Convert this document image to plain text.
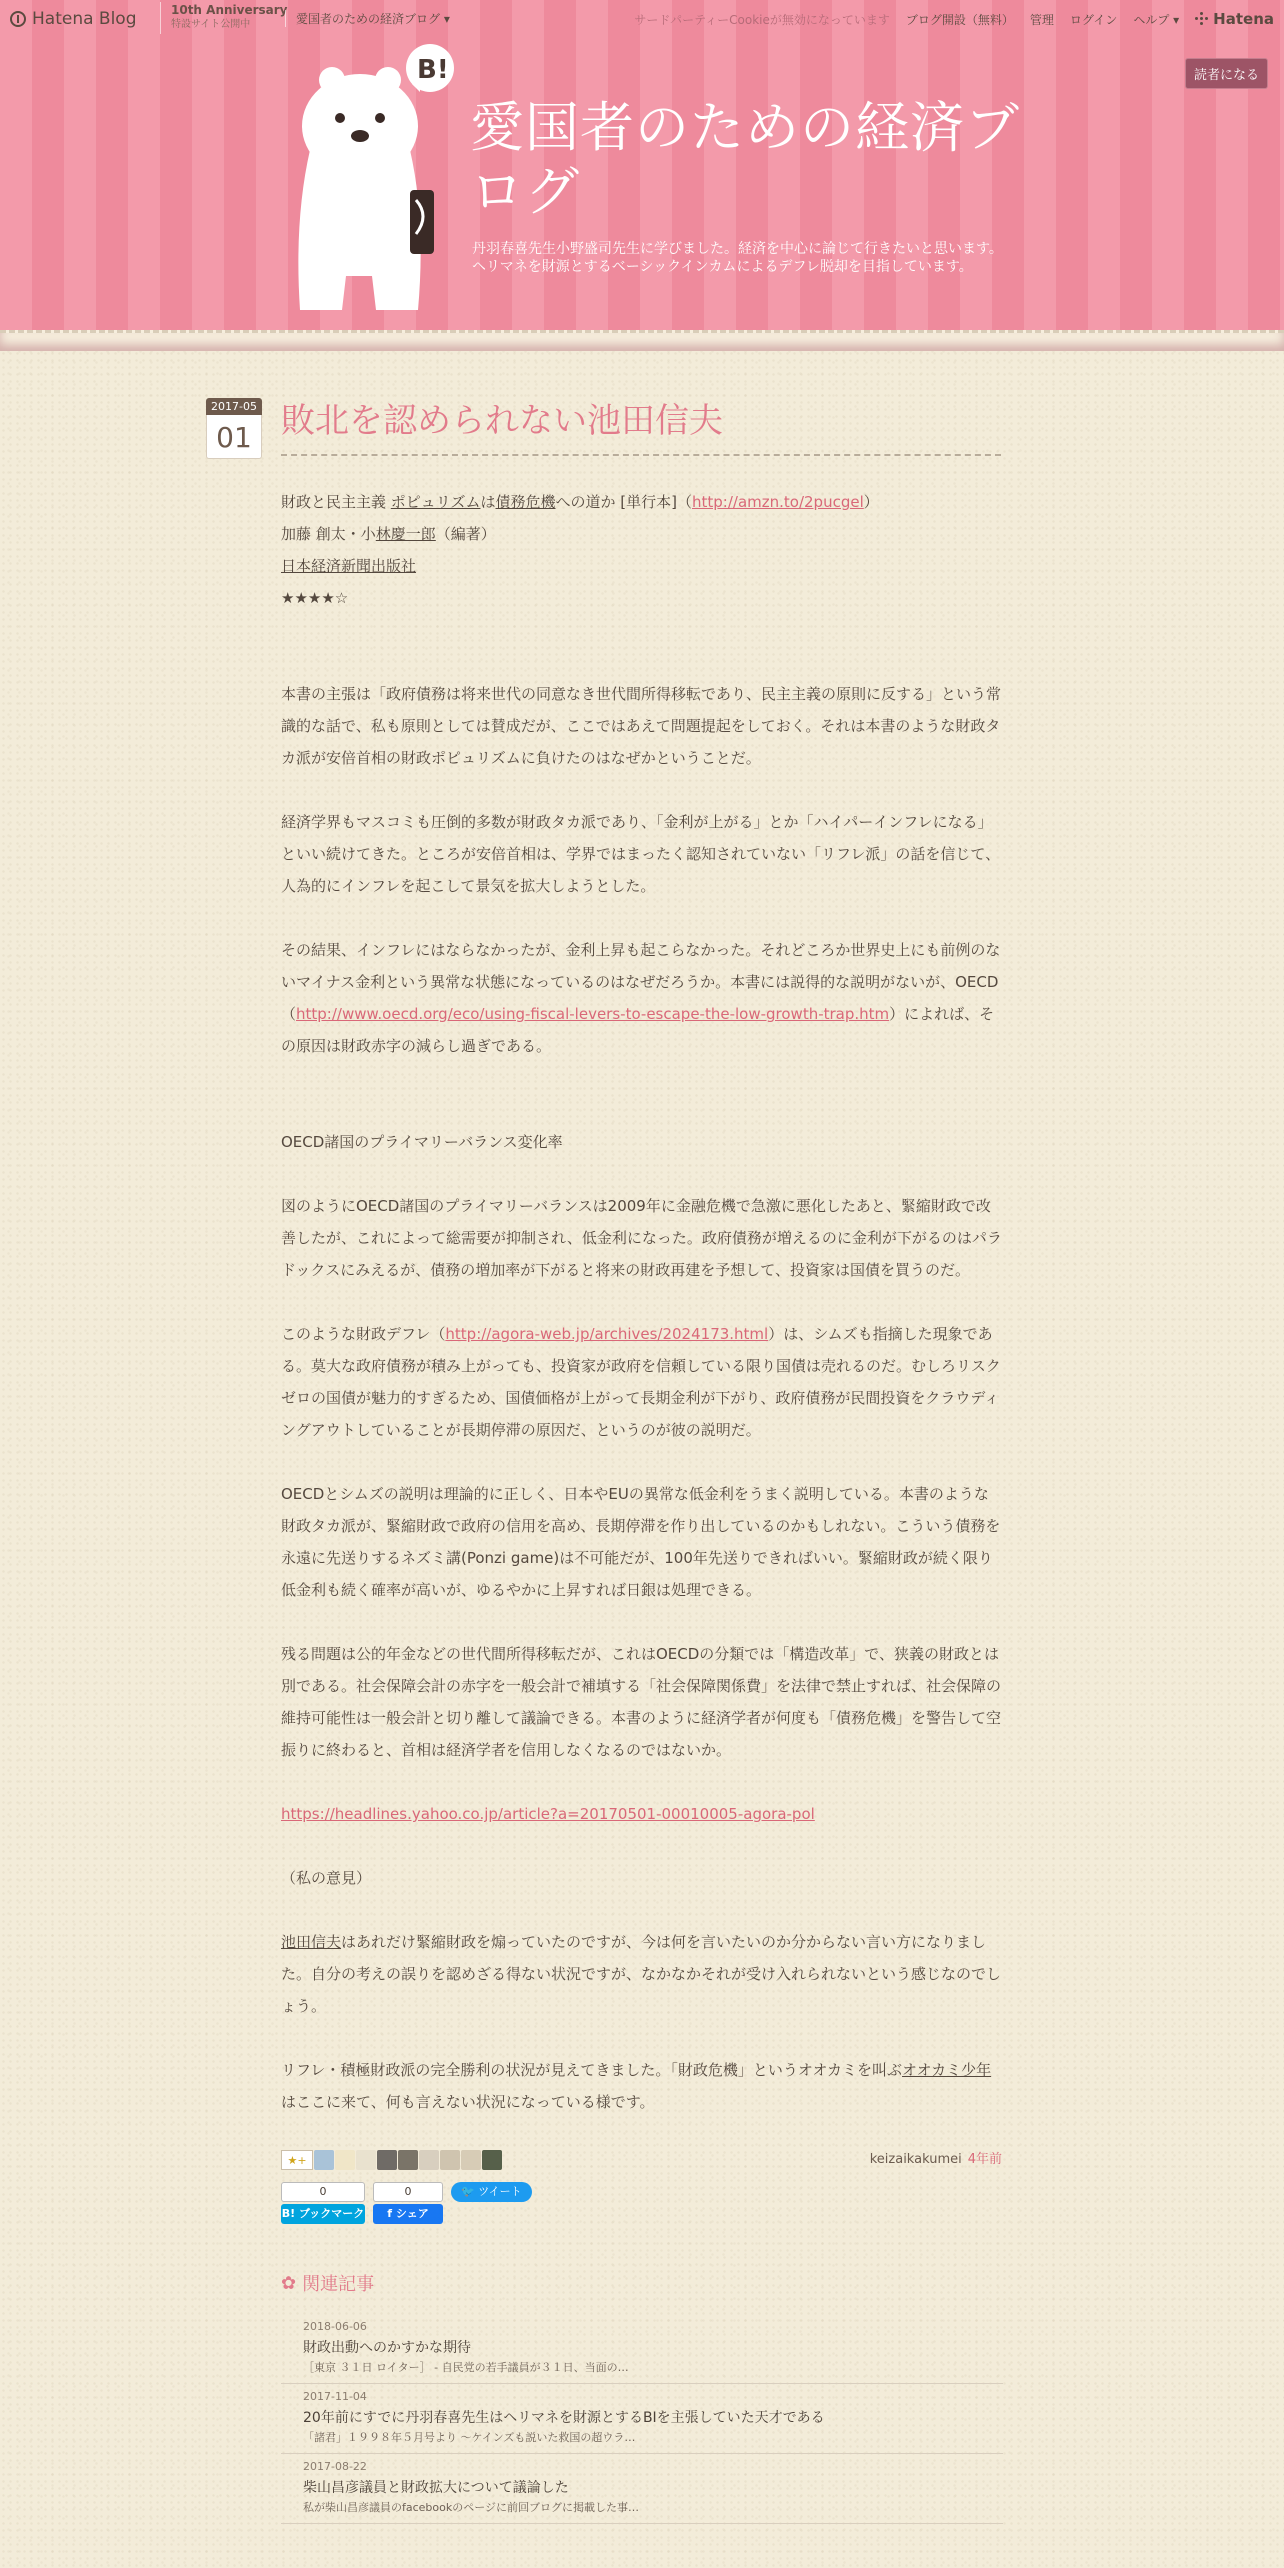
Hatena Blog	10th Anniversary
特設サイト公開中	愛国者のための経済ブログ ▾	サードパーティーCookieが無効になっています ブログ開設（無料） 管理 ログイン ヘルプ ▾ Hatena
読者になる
B!
愛国者のための経済ブログ
丹羽春喜先生小野盛司先生に学びました。経済を中心に論じて行きたいと思います。ヘリマネを財源とするベーシックインカムによるデフレ脱却を目指しています。
2017-05
01 敗北を認められない池田信夫

財政と民主主義 ポピュリズムは債務危機への道か [単行本]（http://amzn.to/2pucgel）

加藤 創太・小林慶一郎（編著）

日本経済新聞出版社

★★★★☆

本書の主張は「政府債務は将来世代の同意なき世代間所得移転であり、民主主義の原則に反する」という常識的な話で、私も原則としては賛成だが、ここではあえて問題提起をしておく。それは本書のような財政タカ派が安倍首相の財政ポピュリズムに負けたのはなぜかということだ。

経済学界もマスコミも圧倒的多数が財政タカ派であり、「金利が上がる」とか「ハイパーインフレになる」といい続けてきた。ところが安倍首相は、学界ではまったく認知されていない「リフレ派」の話を信じて、人為的にインフレを起こして景気を拡大しようとした。

その結果、インフレにはならなかったが、金利上昇も起こらなかった。それどころか世界史上にも前例のないマイナス金利という異常な状態になっているのはなぜだろうか。本書には説得的な説明がないが、OECD（http://www.oecd.org/eco/using-fiscal-levers-to-escape-the-low-growth-trap.htm）によれば、その原因は財政赤字の減らし過ぎである。

OECD諸国のプライマリーバランス変化率

図のようにOECD諸国のプライマリーバランスは2009年に金融危機で急激に悪化したあと、緊縮財政で改善したが、これによって総需要が抑制され、低金利になった。政府債務が増えるのに金利が下がるのはパラドックスにみえるが、債務の増加率が下がると将来の財政再建を予想して、投資家は国債を買うのだ。

このような財政デフレ（http://agora-web.jp/archives/2024173.html）は、シムズも指摘した現象である。莫大な政府債務が積み上がっても、投資家が政府を信頼している限り国債は売れるのだ。むしろリスクゼロの国債が魅力的すぎるため、国債価格が上がって長期金利が下がり、政府債務が民間投資をクラウディングアウトしていることが長期停滞の原因だ、というのが彼の説明だ。

OECDとシムズの説明は理論的に正しく、日本やEUの異常な低金利をうまく説明している。本書のような財政タカ派が、緊縮財政で政府の信用を高め、長期停滞を作り出しているのかもしれない。こういう債務を永遠に先送りするネズミ講(Ponzi game)は不可能だが、100年先送りできればいい。緊縮財政が続く限り低金利も続く確率が高いが、ゆるやかに上昇すれば日銀は処理できる。

残る問題は公的年金などの世代間所得移転だが、これはOECDの分類では「構造改革」で、狭義の財政とは別である。社会保障会計の赤字を一般会計で補填する「社会保障関係費」を法律で禁止すれば、社会保障の維持可能性は一般会計と切り離して議論できる。本書のように経済学者が何度も「債務危機」を警告して空振りに終わると、首相は経済学者を信用しなくなるのではないか。

https://headlines.yahoo.co.jp/article?a=20170501-00010005-agora-pol

（私の意見）

池田信夫はあれだけ緊縮財政を煽っていたのですが、今は何を言いたいのか分からない言い方になりました。自分の考えの誤りを認めざる得ない状況ですが、なかなかそれが受け入れられないという感じなのでしょう。

リフレ・積極財政派の完全勝利の状況が見えてきました。「財政危機」というオオカミを叫ぶオオカミ少年はここに来て、何も言えない状況になっている様です。

★+	keizaikakumei 4年前
0
B! ブックマーク
0
f シェア
🐦 ツイート
✿ 関連記事
2018-06-06
財政出動へのかすかな期待
［東京 ３１日 ロイター］ - 自民党の若手議員が３１日、当面の…
2017-11-04
20年前にすでに丹羽春喜先生はヘリマネを財源とするBIを主張していた天才である
「諸君」１９９８年５月号より ～ケインズも説いた救国の超ウラ…
2017-08-22
柴山昌彦議員と財政拡大について議論した
私が柴山昌彦議員のfacebookのページに前回ブログに掲載した事…
